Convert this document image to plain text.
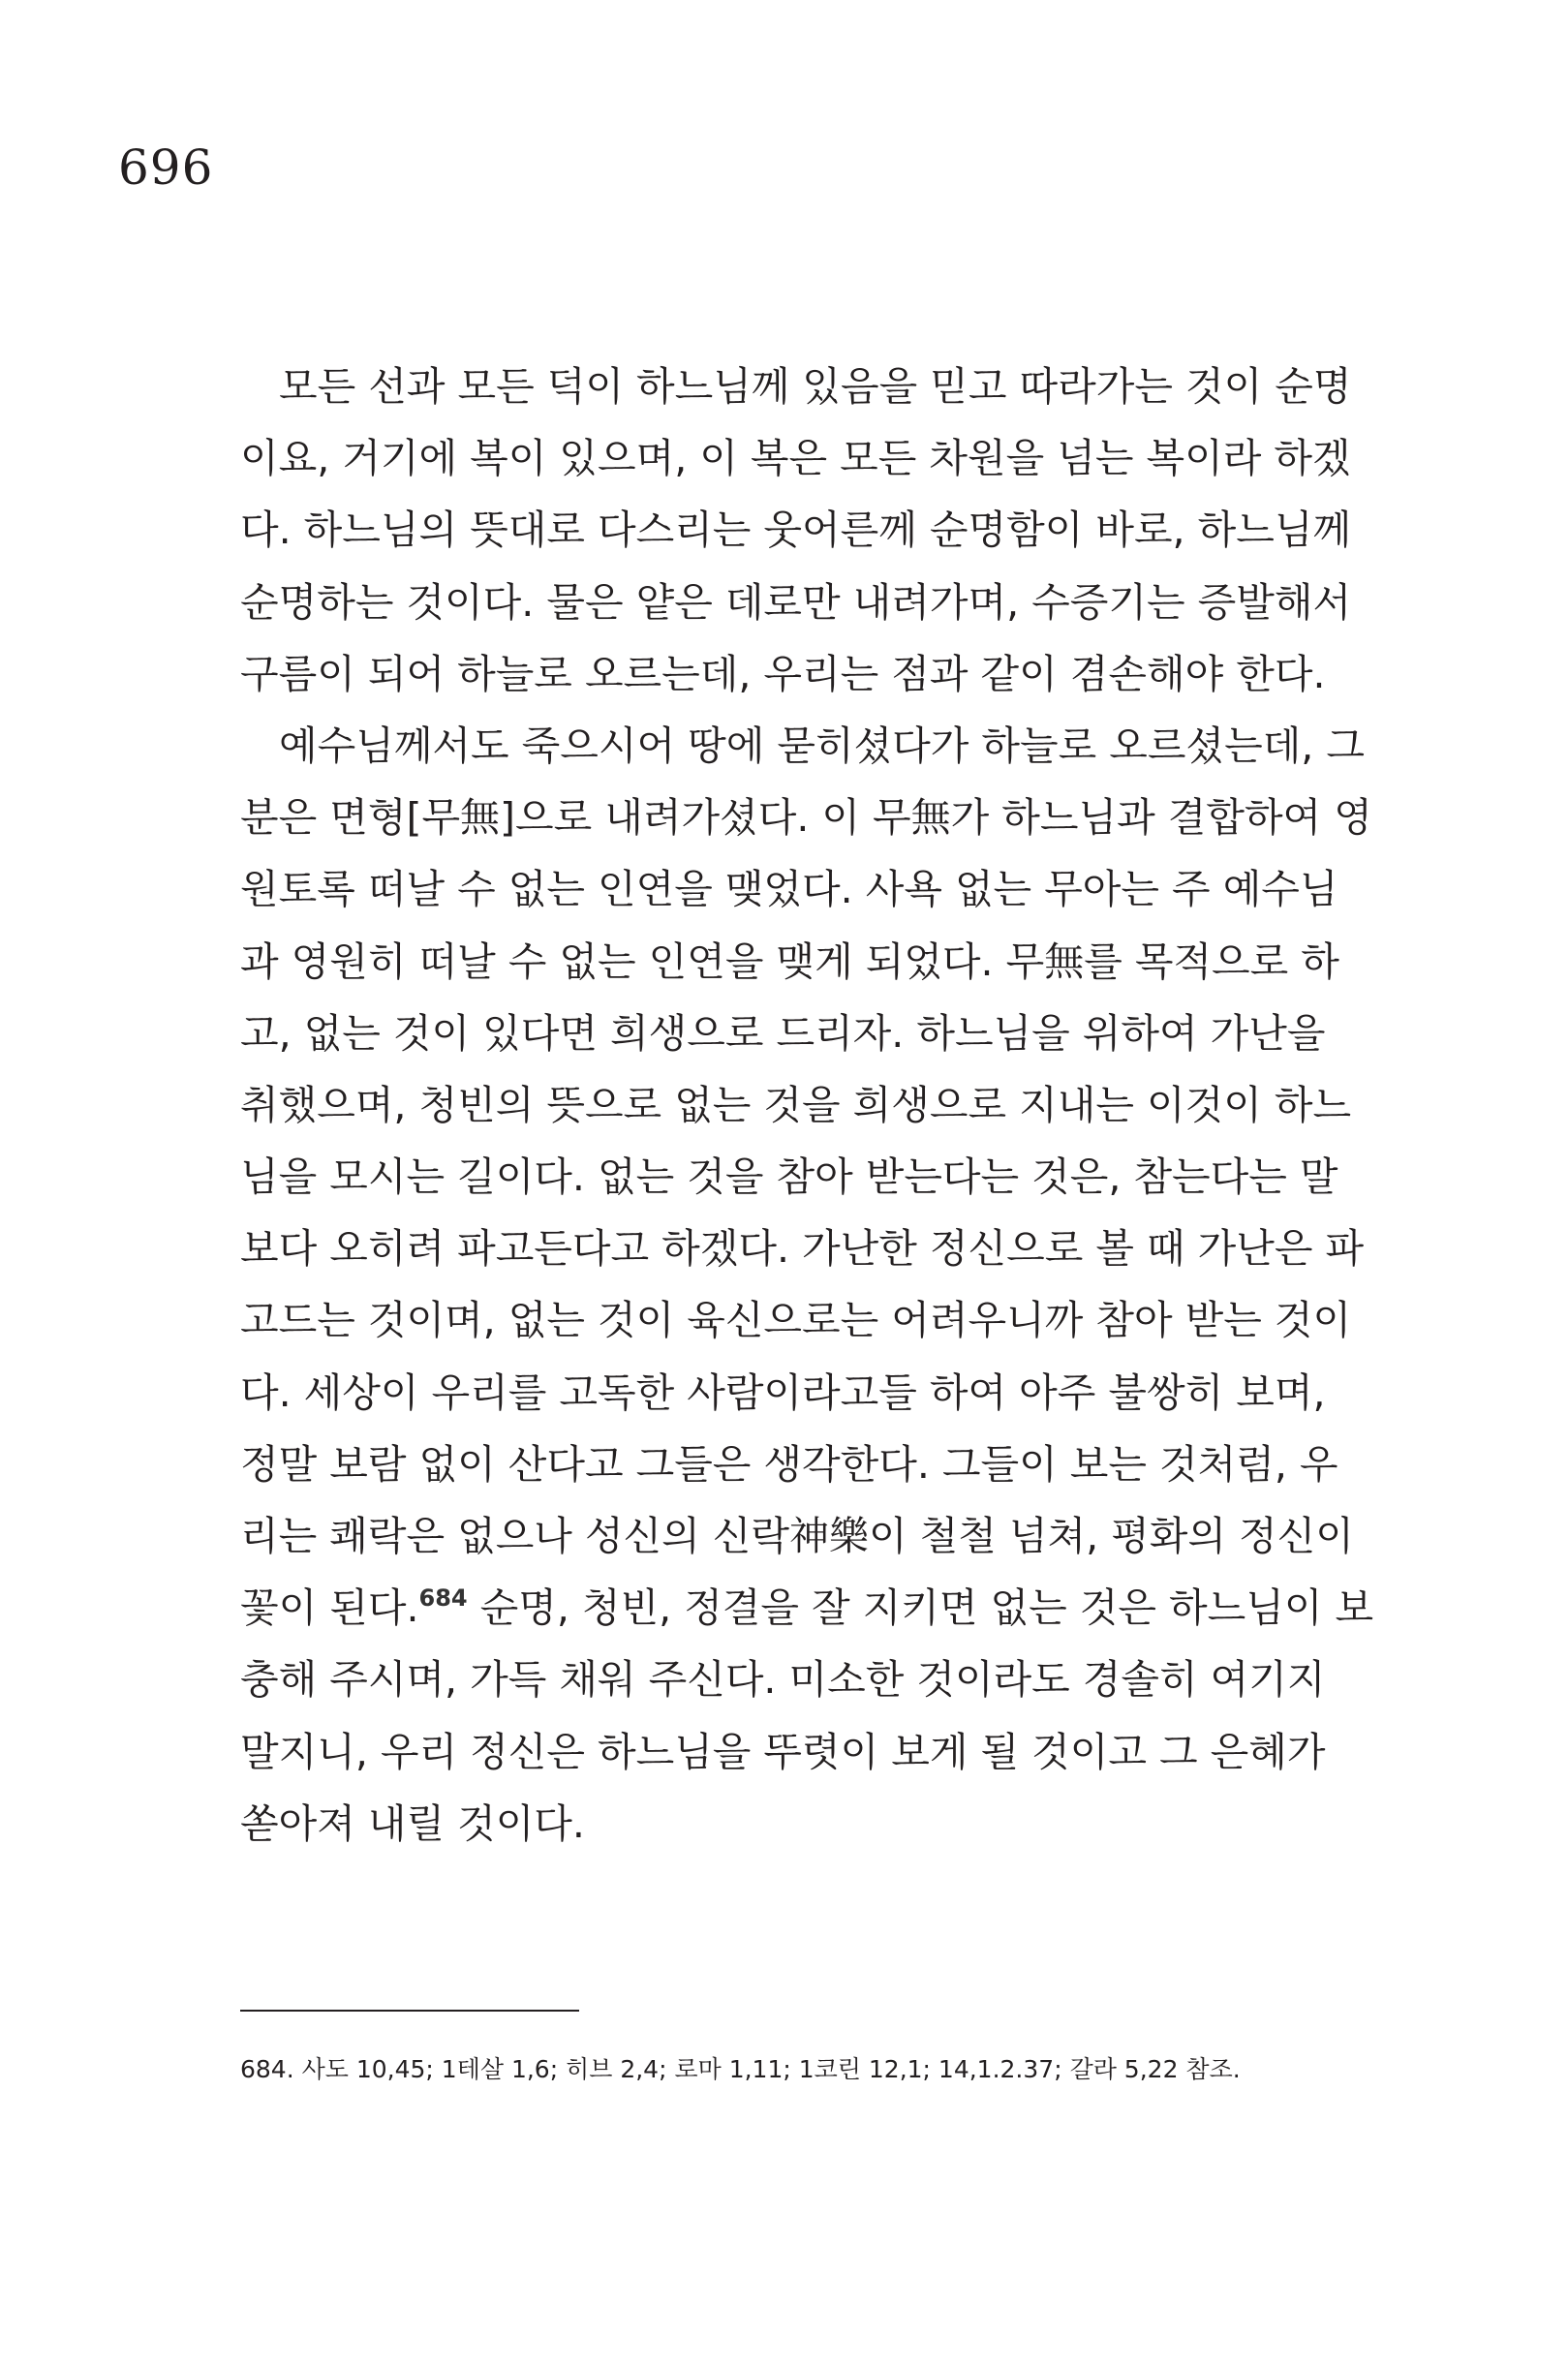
696
모든 선과 모든 덕이 하느님께 있음을 믿고 따라가는 것이 순명
이요, 거기에 복이 있으며, 이 복은 모든 차원을 넘는 복이라 하겠
다. 하느님의 뜻대로 다스리는 웃어른께 순명함이 바로, 하느님께
순명하는 것이다. 물은 얕은 데로만 내려가며, 수증기는 증발해서
구름이 되어 하늘로 오르는데, 우리는 점과 같이 겸손해야 한다.
예수님께서도 죽으시어 땅에 묻히셨다가 하늘로 오르셨는데, 그
분은 면형[무無]으로 내려가셨다. 이 무無가 하느님과 결합하여 영
원토록 떠날 수 없는 인연을 맺었다. 사욕 없는 무아는 주 예수님
과 영원히 떠날 수 없는 인연을 맺게 되었다. 무無를 목적으로 하
고, 없는 것이 있다면 희생으로 드리자. 하느님을 위하여 가난을
취했으며, 청빈의 뜻으로 없는 것을 희생으로 지내는 이것이 하느
님을 모시는 길이다. 없는 것을 참아 받는다는 것은, 참는다는 말
보다 오히려 파고든다고 하겠다. 가난한 정신으로 볼 때 가난은 파
고드는 것이며, 없는 것이 육신으로는 어려우니까 참아 받는 것이
다. 세상이 우리를 고독한 사람이라고들 하여 아주 불쌍히 보며,
정말 보람 없이 산다고 그들은 생각한다. 그들이 보는 것처럼, 우
리는 쾌락은 없으나 성신의 신락神樂이 철철 넘쳐, 평화의 정신이
꽃이 된다.$^{684}$ 순명, 청빈, 정결을 잘 지키면 없는 것은 하느님이 보
충해 주시며, 가득 채워 주신다. 미소한 것이라도 경솔히 여기지
말지니, 우리 정신은 하느님을 뚜렷이 보게 될 것이고 그 은혜가
쏟아져 내릴 것이다.
684. 사도 10,45; 1테살 1,6; 히브 2,4; 로마 1,11; 1코린 12,1; 14,1.2.37; 갈라 5,22 참조.
